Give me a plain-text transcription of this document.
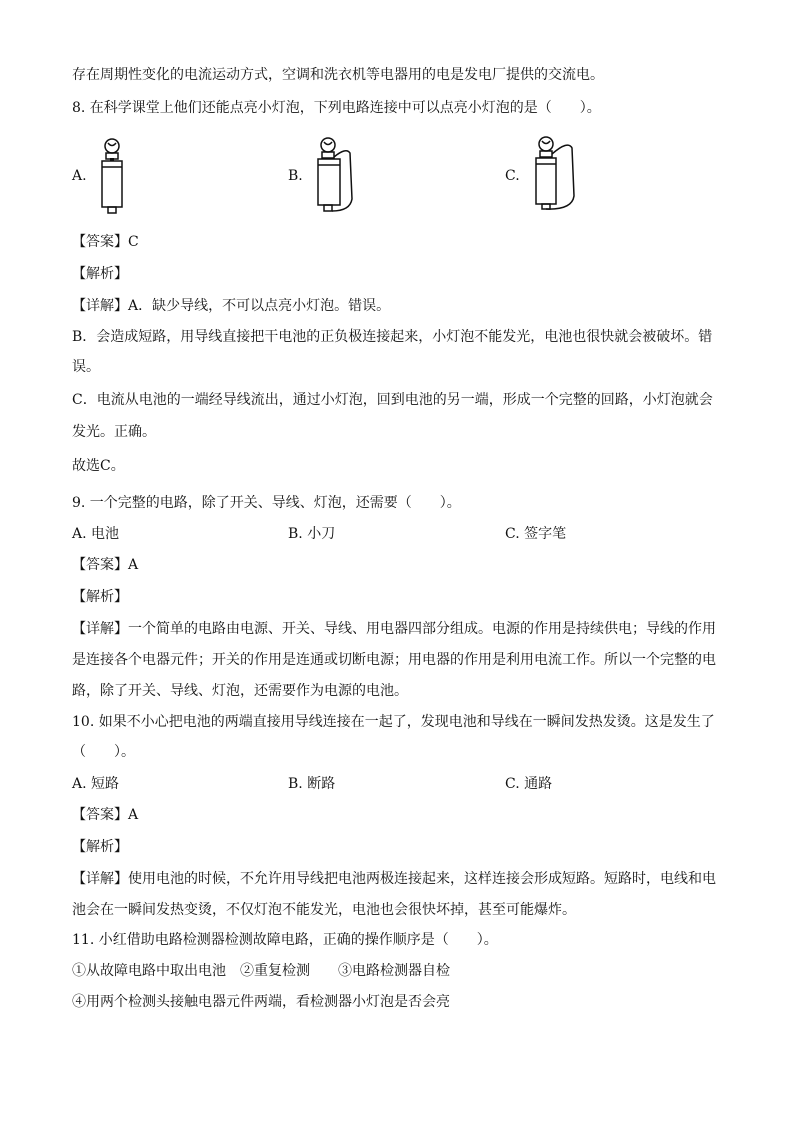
存在周期性变化的电流运动方式，空调和洗衣机等电器用的电是发电厂提供的交流电。
8. 在科学课堂上他们还能点亮小灯泡，下列电路连接中可以点亮小灯泡的是（　　）。
A.	B.	C.
【答案】C
【解析】
【详解】A．缺少导线，不可以点亮小灯泡。错误。
B．会造成短路，用导线直接把干电池的正负极连接起来，小灯泡不能发光，电池也很快就会被破坏。错
误。
C．电流从电池的一端经导线流出，通过小灯泡，回到电池的另一端，形成一个完整的回路，小灯泡就会
发光。正确。
故选C。
9. 一个完整的电路，除了开关、导线、灯泡，还需要（　　）。
A. 电池	B. 小刀	C. 签字笔
【答案】A
【解析】
【详解】一个简单的电路由电源、开关、导线、用电器四部分组成。电源的作用是持续供电；导线的作用
是连接各个电器元件；开关的作用是连通或切断电源；用电器的作用是利用电流工作。所以一个完整的电
路，除了开关、导线、灯泡，还需要作为电源的电池。
10. 如果不小心把电池的两端直接用导线连接在一起了，发现电池和导线在一瞬间发热发烫。这是发生了
（　　）。
A. 短路	B. 断路	C. 通路
【答案】A
【解析】
【详解】使用电池的时候，不允许用导线把电池两极连接起来，这样连接会形成短路。短路时，电线和电
池会在一瞬间发热变烫，不仅灯泡不能发光，电池也会很快坏掉，甚至可能爆炸。
11. 小红借助电路检测器检测故障电路，正确的操作顺序是（　　）。
①从故障电路中取出电池　②重复检测　　③电路检测器自检
④用两个检测头接触电器元件两端，看检测器小灯泡是否会亮
